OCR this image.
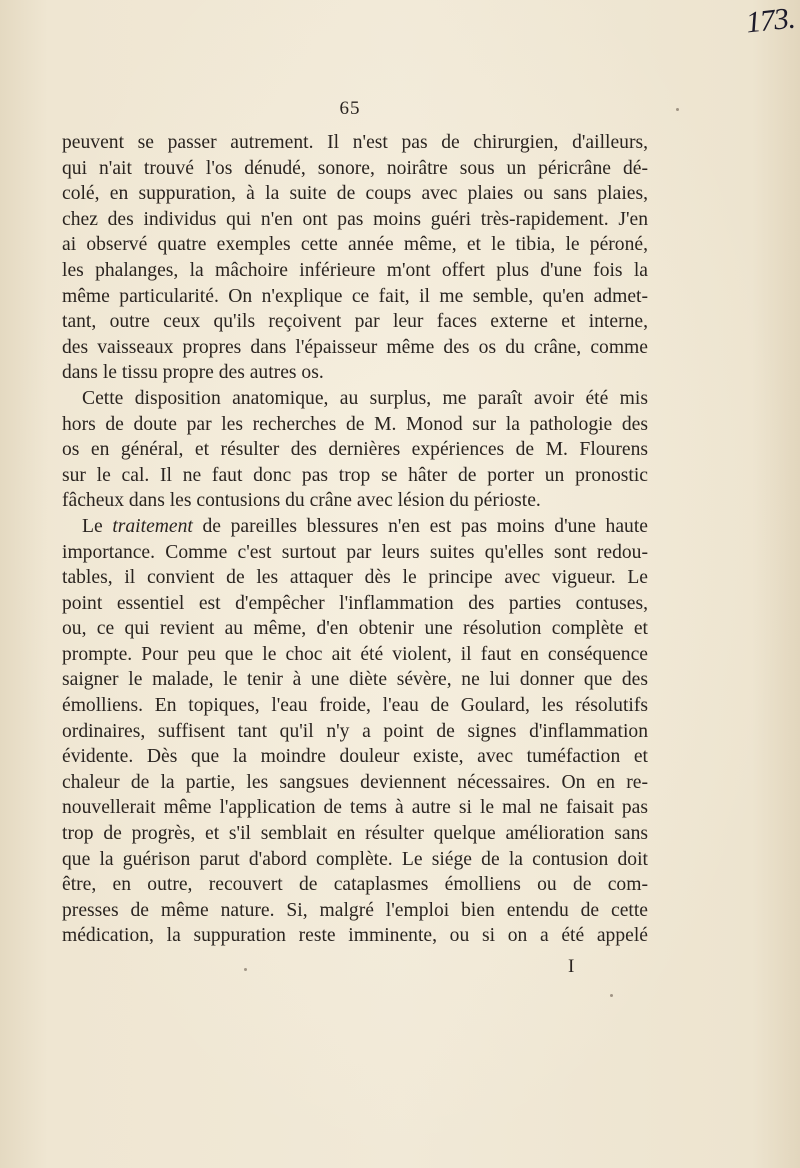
173.
65
peuvent se passer autrement. Il n'est pas de chirurgien, d'ailleurs,
qui n'ait trouvé l'os dénudé, sonore, noirâtre sous un péricrâne dé-
colé, en suppuration, à la suite de coups avec plaies ou sans plaies,
chez des individus qui n'en ont pas moins guéri très-rapidement. J'en
ai observé quatre exemples cette année même, et le tibia, le péroné,
les phalanges, la mâchoire inférieure m'ont offert plus d'une fois la
même particularité. On n'explique ce fait, il me semble, qu'en admet-
tant, outre ceux qu'ils reçoivent par leur faces externe et interne,
des vaisseaux propres dans l'épaisseur même des os du crâne, comme
dans le tissu propre des autres os.
Cette disposition anatomique, au surplus, me paraît avoir été mis
hors de doute par les recherches de M. Monod sur la pathologie des
os en général, et résulter des dernières expériences de M. Flourens
sur le cal. Il ne faut donc pas trop se hâter de porter un pronostic
fâcheux dans les contusions du crâne avec lésion du périoste.
Le traitement de pareilles blessures n'en est pas moins d'une haute
importance. Comme c'est surtout par leurs suites qu'elles sont redou-
tables, il convient de les attaquer dès le principe avec vigueur. Le
point essentiel est d'empêcher l'inflammation des parties contuses,
ou, ce qui revient au même, d'en obtenir une résolution complète et
prompte. Pour peu que le choc ait été violent, il faut en conséquence
saigner le malade, le tenir à une diète sévère, ne lui donner que des
émolliens. En topiques, l'eau froide, l'eau de Goulard, les résolutifs
ordinaires, suffisent tant qu'il n'y a point de signes d'inflammation
évidente. Dès que la moindre douleur existe, avec tuméfaction et
chaleur de la partie, les sangsues deviennent nécessaires. On en re-
nouvellerait même l'application de tems à autre si le mal ne faisait pas
trop de progrès, et s'il semblait en résulter quelque amélioration sans
que la guérison parut d'abord complète. Le siége de la contusion doit
être, en outre, recouvert de cataplasmes émolliens ou de com-
presses de même nature. Si, malgré l'emploi bien entendu de cette
médication, la suppuration reste imminente, ou si on a été appelé
I
